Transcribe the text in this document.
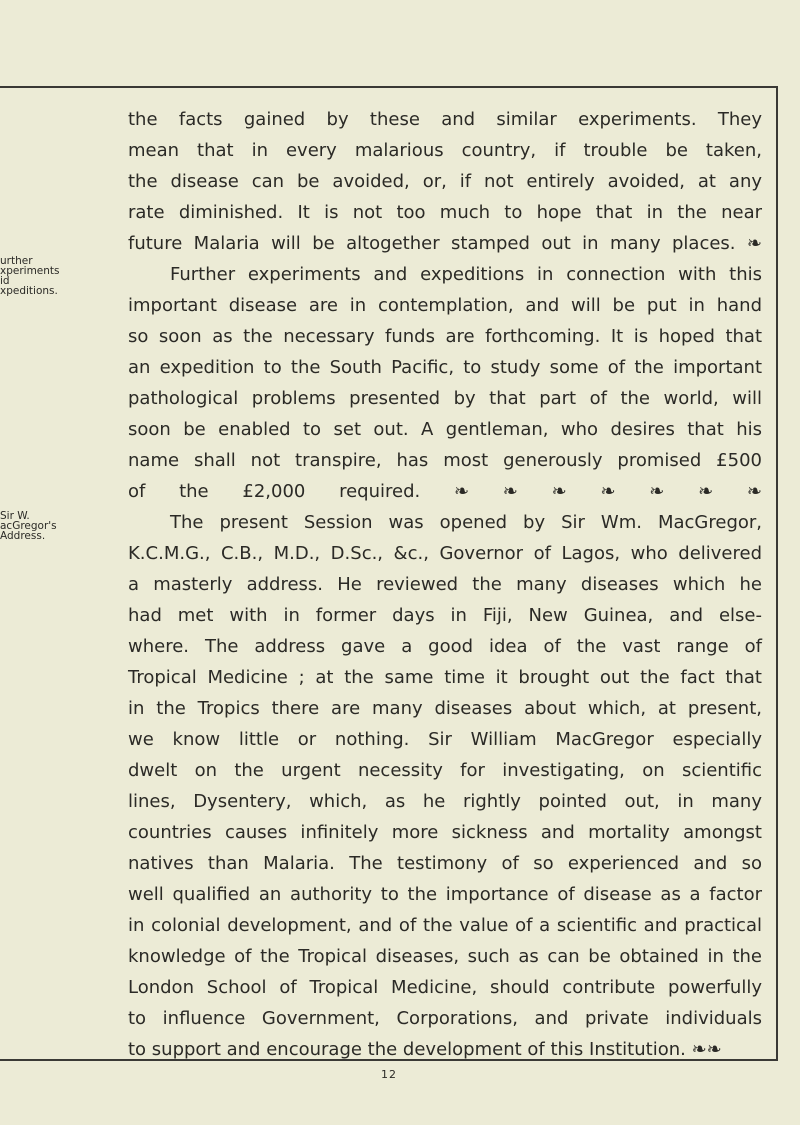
urther
xperiments
id
xpeditions.
Sir W.
acGregor's
Address.
the facts gained by these and similar experiments. They
mean that in every malarious country, if trouble be taken,
the disease can be avoided, or, if not entirely avoided, at any
rate diminished. It is not too much to hope that in the near
future Malaria will be altogether stamped out in many places. ❧
Further experiments and expeditions in connection with this
important disease are in contemplation, and will be put in hand
so soon as the necessary funds are forthcoming. It is hoped that
an expedition to the South Pacific, to study some of the important
pathological problems presented by that part of the world, will
soon be enabled to set out. A gentleman, who desires that his
name shall not transpire, has most generously promised £500
of the £2,000 required. ❧ ❧ ❧ ❧ ❧ ❧ ❧
The present Session was opened by Sir Wm. MacGregor,
K.C.M.G., C.B., M.D., D.Sc., &c., Governor of Lagos, who delivered
a masterly address. He reviewed the many diseases which he
had met with in former days in Fiji, New Guinea, and else-
where. The address gave a good idea of the vast range of
Tropical Medicine ; at the same time it brought out the fact that
in the Tropics there are many diseases about which, at present,
we know little or nothing. Sir William MacGregor especially
dwelt on the urgent necessity for investigating, on scientific
lines, Dysentery, which, as he rightly pointed out, in many
countries causes infinitely more sickness and mortality amongst
natives than Malaria. The testimony of so experienced and so
well qualified an authority to the importance of disease as a factor
in colonial development, and of the value of a scientific and practical
knowledge of the Tropical diseases, such as can be obtained in the
London School of Tropical Medicine, should contribute powerfully
to influence Government, Corporations, and private individuals
to support and encourage the development of this Institution. ❧❧
12
